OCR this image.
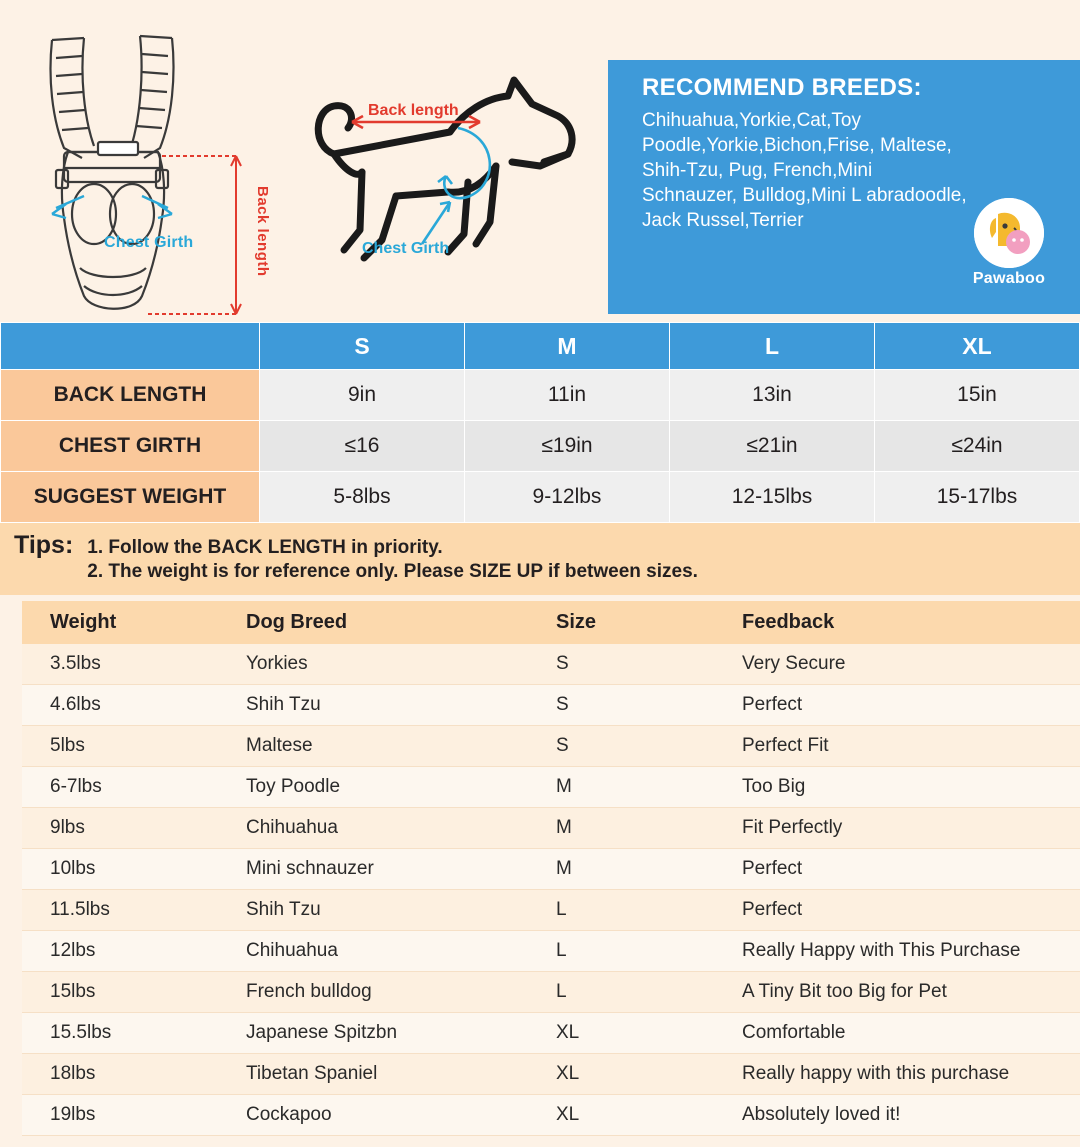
Chest Girth	Back length
Back length
Chest Girth
RECOMMEND BREEDS:
Chihuahua,Yorkie,Cat,Toy Poodle,Yorkie,Bichon,Frise, Maltese, Shih-Tzu, Pug, French,Mini Schnauzer, Bulldog,Mini L abradoodle, Jack Russel,Terrier
Pawaboo
	S	M	L	XL
BACK LENGTH	9in	11in	13in	15in
CHEST GIRTH	≤16	≤19in	≤21in	≤24in
SUGGEST WEIGHT	5-8lbs	9-12lbs	12-15lbs	15-17lbs
Tips: 1. Follow the BACK LENGTH in priority.
2. The weight is for reference only. Please SIZE UP if between sizes.
Weight	Dog Breed	Size	Feedback
3.5lbs	Yorkies	S	Very Secure
4.6lbs	Shih Tzu	S	Perfect
5lbs	Maltese	S	Perfect Fit
6-7lbs	Toy Poodle	M	Too Big
9lbs	Chihuahua	M	Fit Perfectly
10lbs	Mini schnauzer	M	Perfect
11.5lbs	Shih Tzu	L	Perfect
12lbs	Chihuahua	L	Really Happy with This Purchase
15lbs	French bulldog	L	A Tiny Bit too Big for Pet
15.5lbs	Japanese Spitzbn	XL	Comfortable
18lbs	Tibetan Spaniel	XL	Really happy with this purchase
19lbs	Cockapoo	XL	Absolutely loved it!
